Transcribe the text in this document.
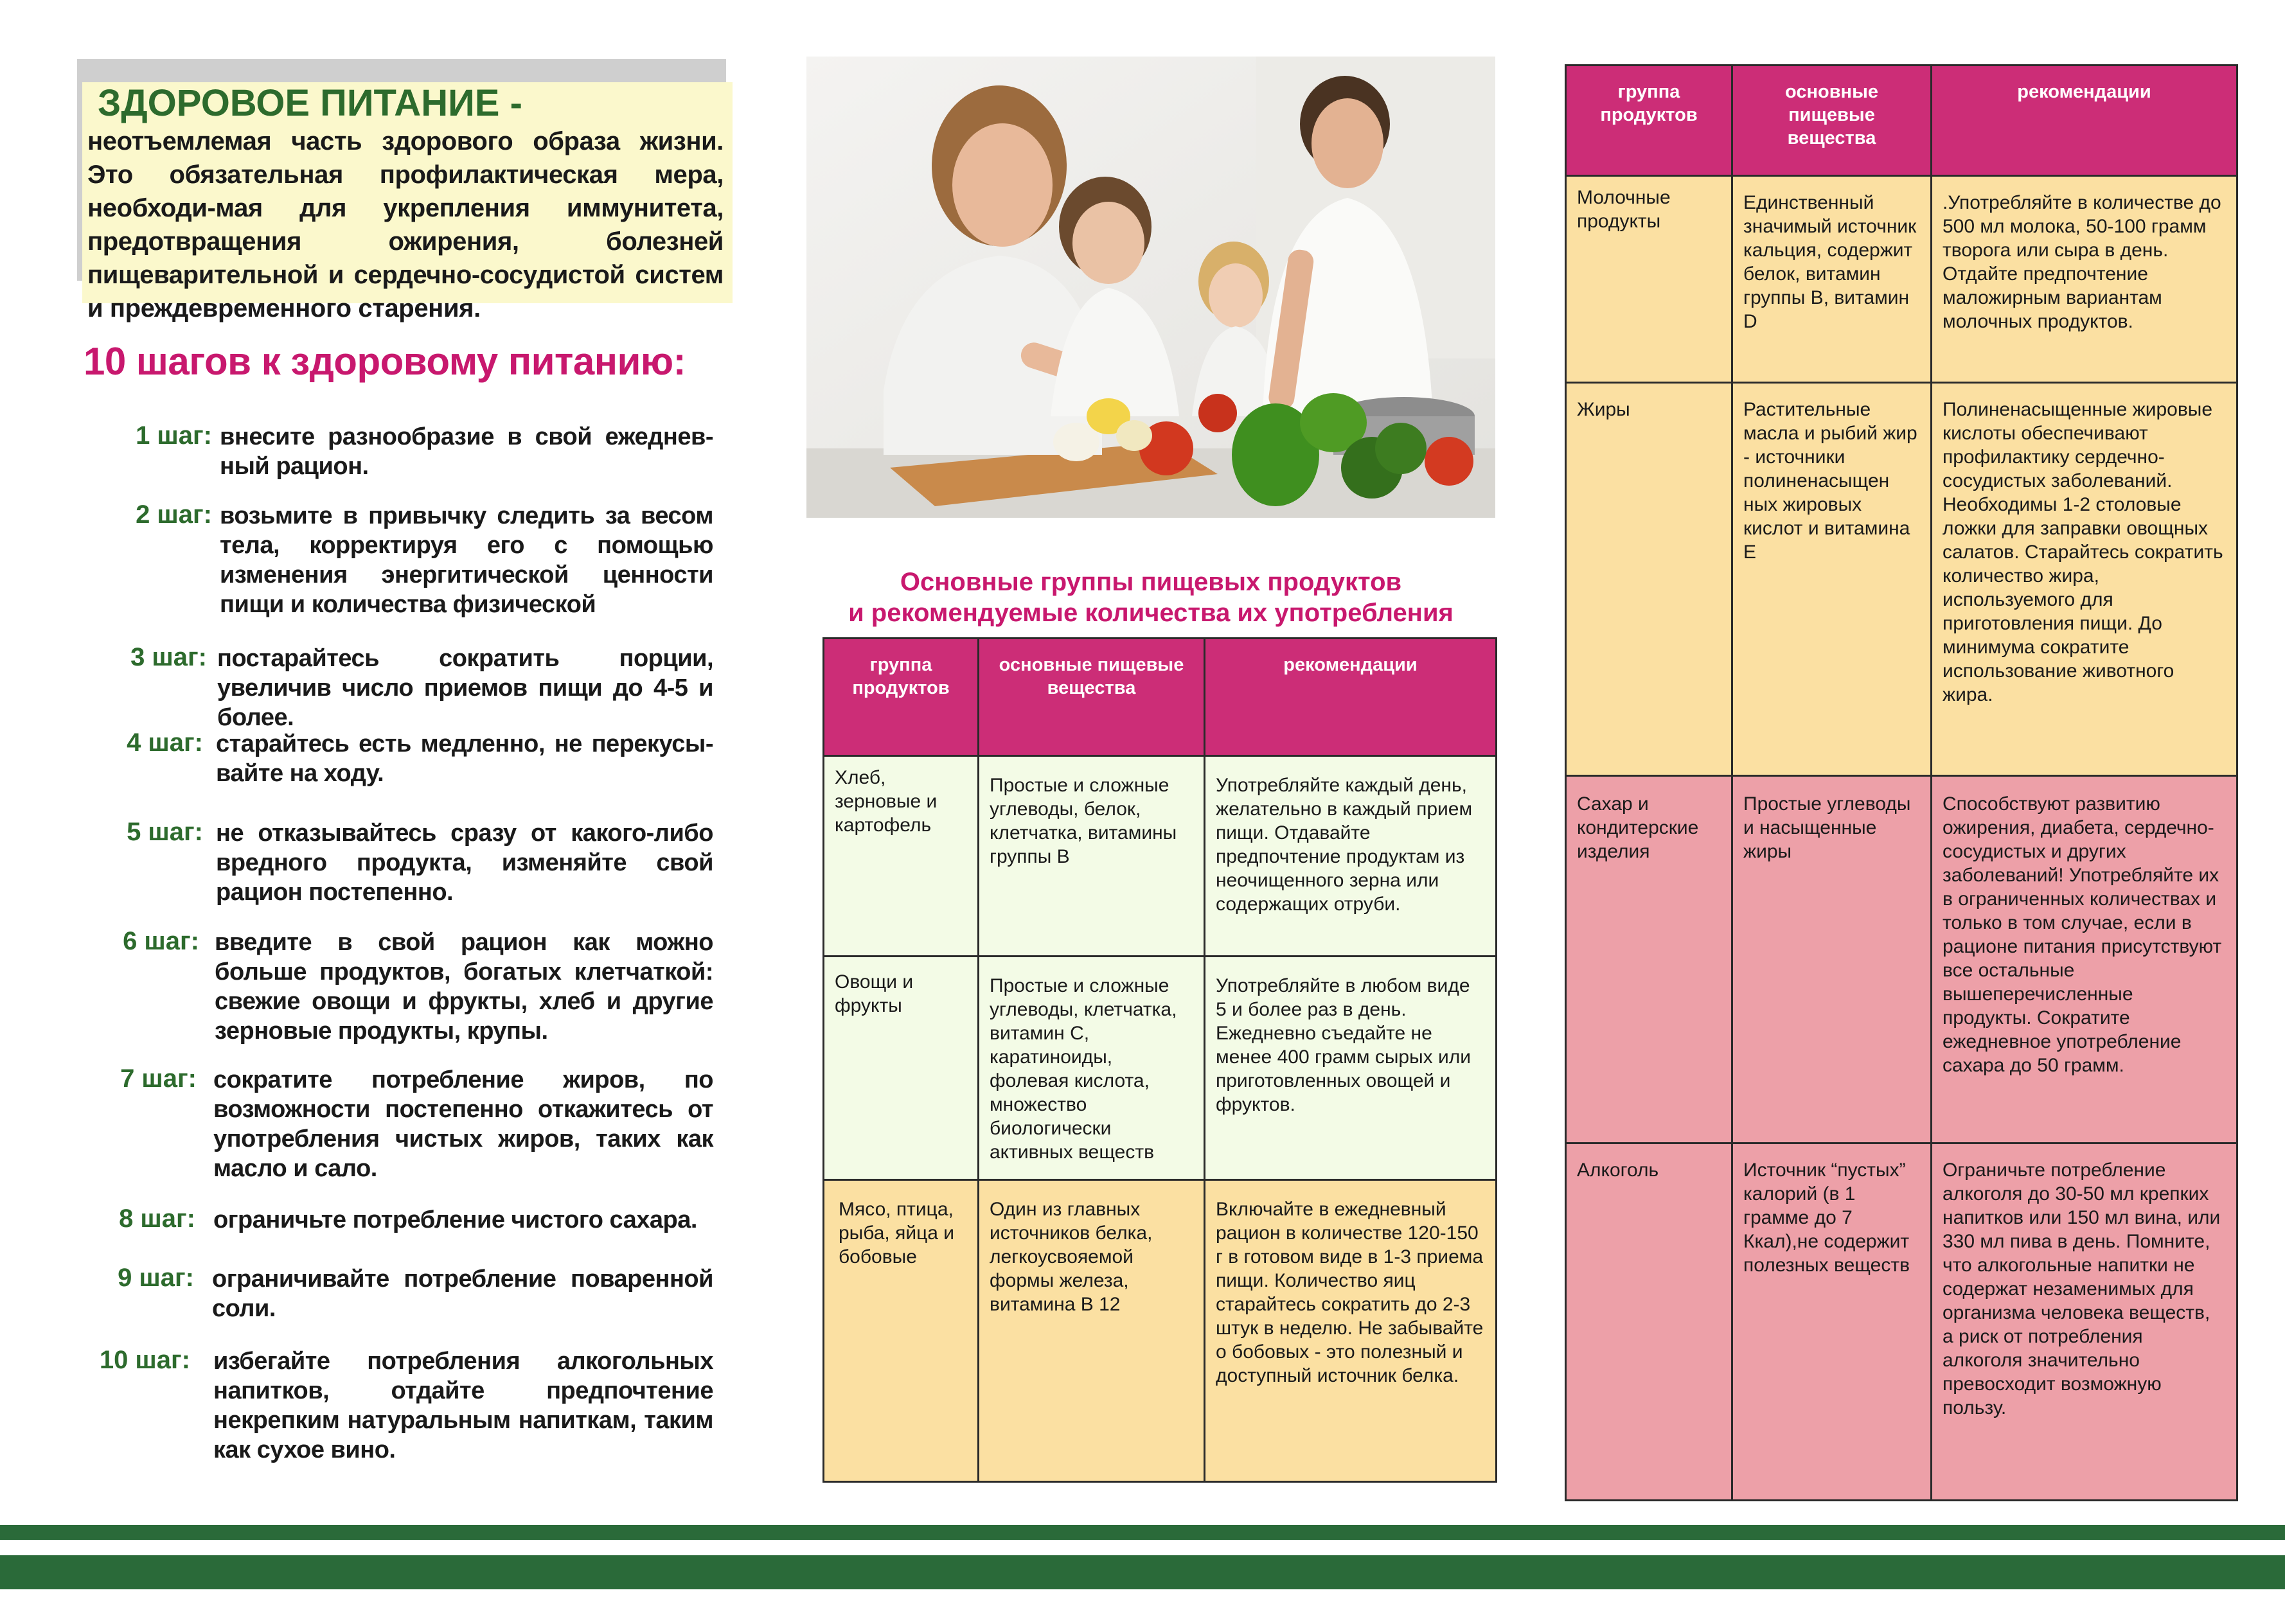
ЗДОРОВОЕ ПИТАНИЕ -

неотъемлемая часть здорового образа жизни. Это обязательная профилактическая мера, необходи-мая для укрепления иммунитета, предотвращения ожирения, болезней пищеварительной и сердечно-сосудистой систем и преждевременного старения.

10 шагов к здоровому питанию:
1 шаг: внесите разнообразие в свой ежеднев-ный рацион.
2 шаг: возьмите в привычку следить за весом тела, корректируя его с помощью изменения энергитической ценности пищи и количества физической
3 шаг: постарайтесь сократить порции, увеличив число приемов пищи до 4-5 и более.
4 шаг: старайтесь есть медленно, не перекусы-вайте на ходу.
5 шаг: не отказывайтесь сразу от какого-либо вредного продукта, изменяйте свой рацион постепенно.
6 шаг: введите в свой рацион как можно больше продуктов, богатых клетчаткой: свежие овощи и фрукты, хлеб и другие зерновые продукты, крупы.
7 шаг: сократите потребление жиров, по возможности постепенно откажитесь от употребления чистых жиров, таких как масло и сало.
8 шаг: ограничьте потребление чистого сахара.
9 шаг: ограничивайте потребление поваренной соли.
10 шаг: избегайте потребления алкогольных напитков, отдайте предпочтение некрепким натуральным напиткам, таким как сухое вино.
Основные группы пищевых продуктов
и рекомендуемые количества их употребления
группа продуктов	основные пищевые вещества	рекомендации
Хлеб, зерновые и картофель	Простые и сложные углеводы, белок, клетчатка, витамины группы В	Употребляйте каждый день, желательно в каждый прием пищи. Отдавайте предпочтение продуктам из неочищенного зерна или содержащих отруби.
Овощи и фрукты	Простые и сложные углеводы, клетчатка, витамин С, каратиноиды, фолевая кислота, множество биологически активных веществ	Употребляйте в любом виде 5 и более раз в день. Ежедневно съедайте не менее 400 грамм сырых или приготовленных овощей и фруктов.
Мясо, птица, рыба, яйца и бобовые	Один из главных источников белка, легкоусвояемой формы железа, витамина В 12	Включайте в ежедневный рацион в количестве 120-150 г в готовом виде в 1-3 приема пищи. Количество яиц старайтесь сократить до 2-3 штук в неделю. Не забывайте о бобовых - это полезный и доступный источник белка.
группа продуктов	основные пищевые вещества	рекомендации
Молочные продукты	Единственный значимый источник кальция, содержит белок, витамин группы В, витамин D	.Употребляйте в количестве до 500 мл молока, 50-100 грамм творога или сыра в день. Отдайте предпочтение маложирным вариантам молочных продуктов.
Жиры	Растительные масла и рыбий жир - источники полиненасыщен ных жировых кислот и витамина Е	Полиненасыщенные жировые кислоты обеспечивают профилактику сердечно-сосудистых заболеваний. Необходимы 1-2 столовые ложки для заправки овощных салатов. Старайтесь сократить количество жира, используемого для приготовления пищи. До минимума сократите использование животного жира.
Сахар и кондитерские изделия	Простые углеводы и насыщенные жиры	Способствуют развитию ожирения, диабета, сердечно-сосудистых и других заболеваний! Употребляйте их в ограниченных количествах и только в том случае, если в рационе питания присутствуют все остальные вышеперечисленные продукты. Сократите ежедневное употребление сахара до 50 грамм.
Алкоголь	Источник “пустых” калорий (в 1 грамме до 7 Ккал),не содержит полезных веществ	Ограничьте потребление алкоголя до 30-50 мл крепких напитков или 150 мл вина, или 330 мл пива в день. Помните, что алкогольные напитки не содержат незаменимых для организма человека веществ, а риск от потребления алкоголя значительно превосходит возможную пользу.
